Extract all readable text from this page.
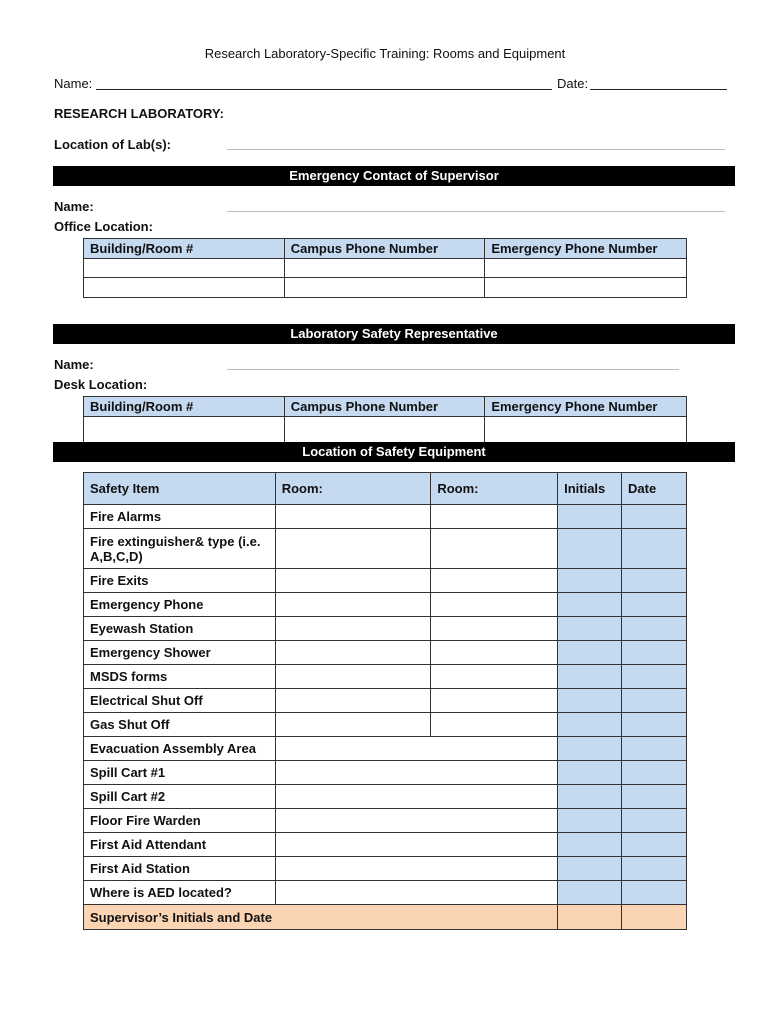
Research Laboratory-Specific Training: Rooms and Equipment
Name:	Date:
RESEARCH LABORATORY:
Location of Lab(s):
Emergency Contact of Supervisor
Name:
Office Location:
Building/Room #	Campus Phone Number	Emergency Phone Number

Laboratory Safety Representative
Name:
Desk Location:
Building/Room #	Campus Phone Number	Emergency Phone Number

Location of Safety Equipment
Safety Item	Room:	Room:	Initials	Date
Fire Alarms				
Fire extinguisher& type (i.e. A,B,C,D)				
Fire Exits				
Emergency Phone				
Eyewash Station				
Emergency Shower				
MSDS forms				
Electrical Shut Off				
Gas Shut Off				
Evacuation Assembly Area				
Spill Cart #1				
Spill Cart #2				
Floor Fire Warden				
First Aid Attendant				
First Aid Station				
Where is AED located?				
Supervisor’s Initials and Date				
